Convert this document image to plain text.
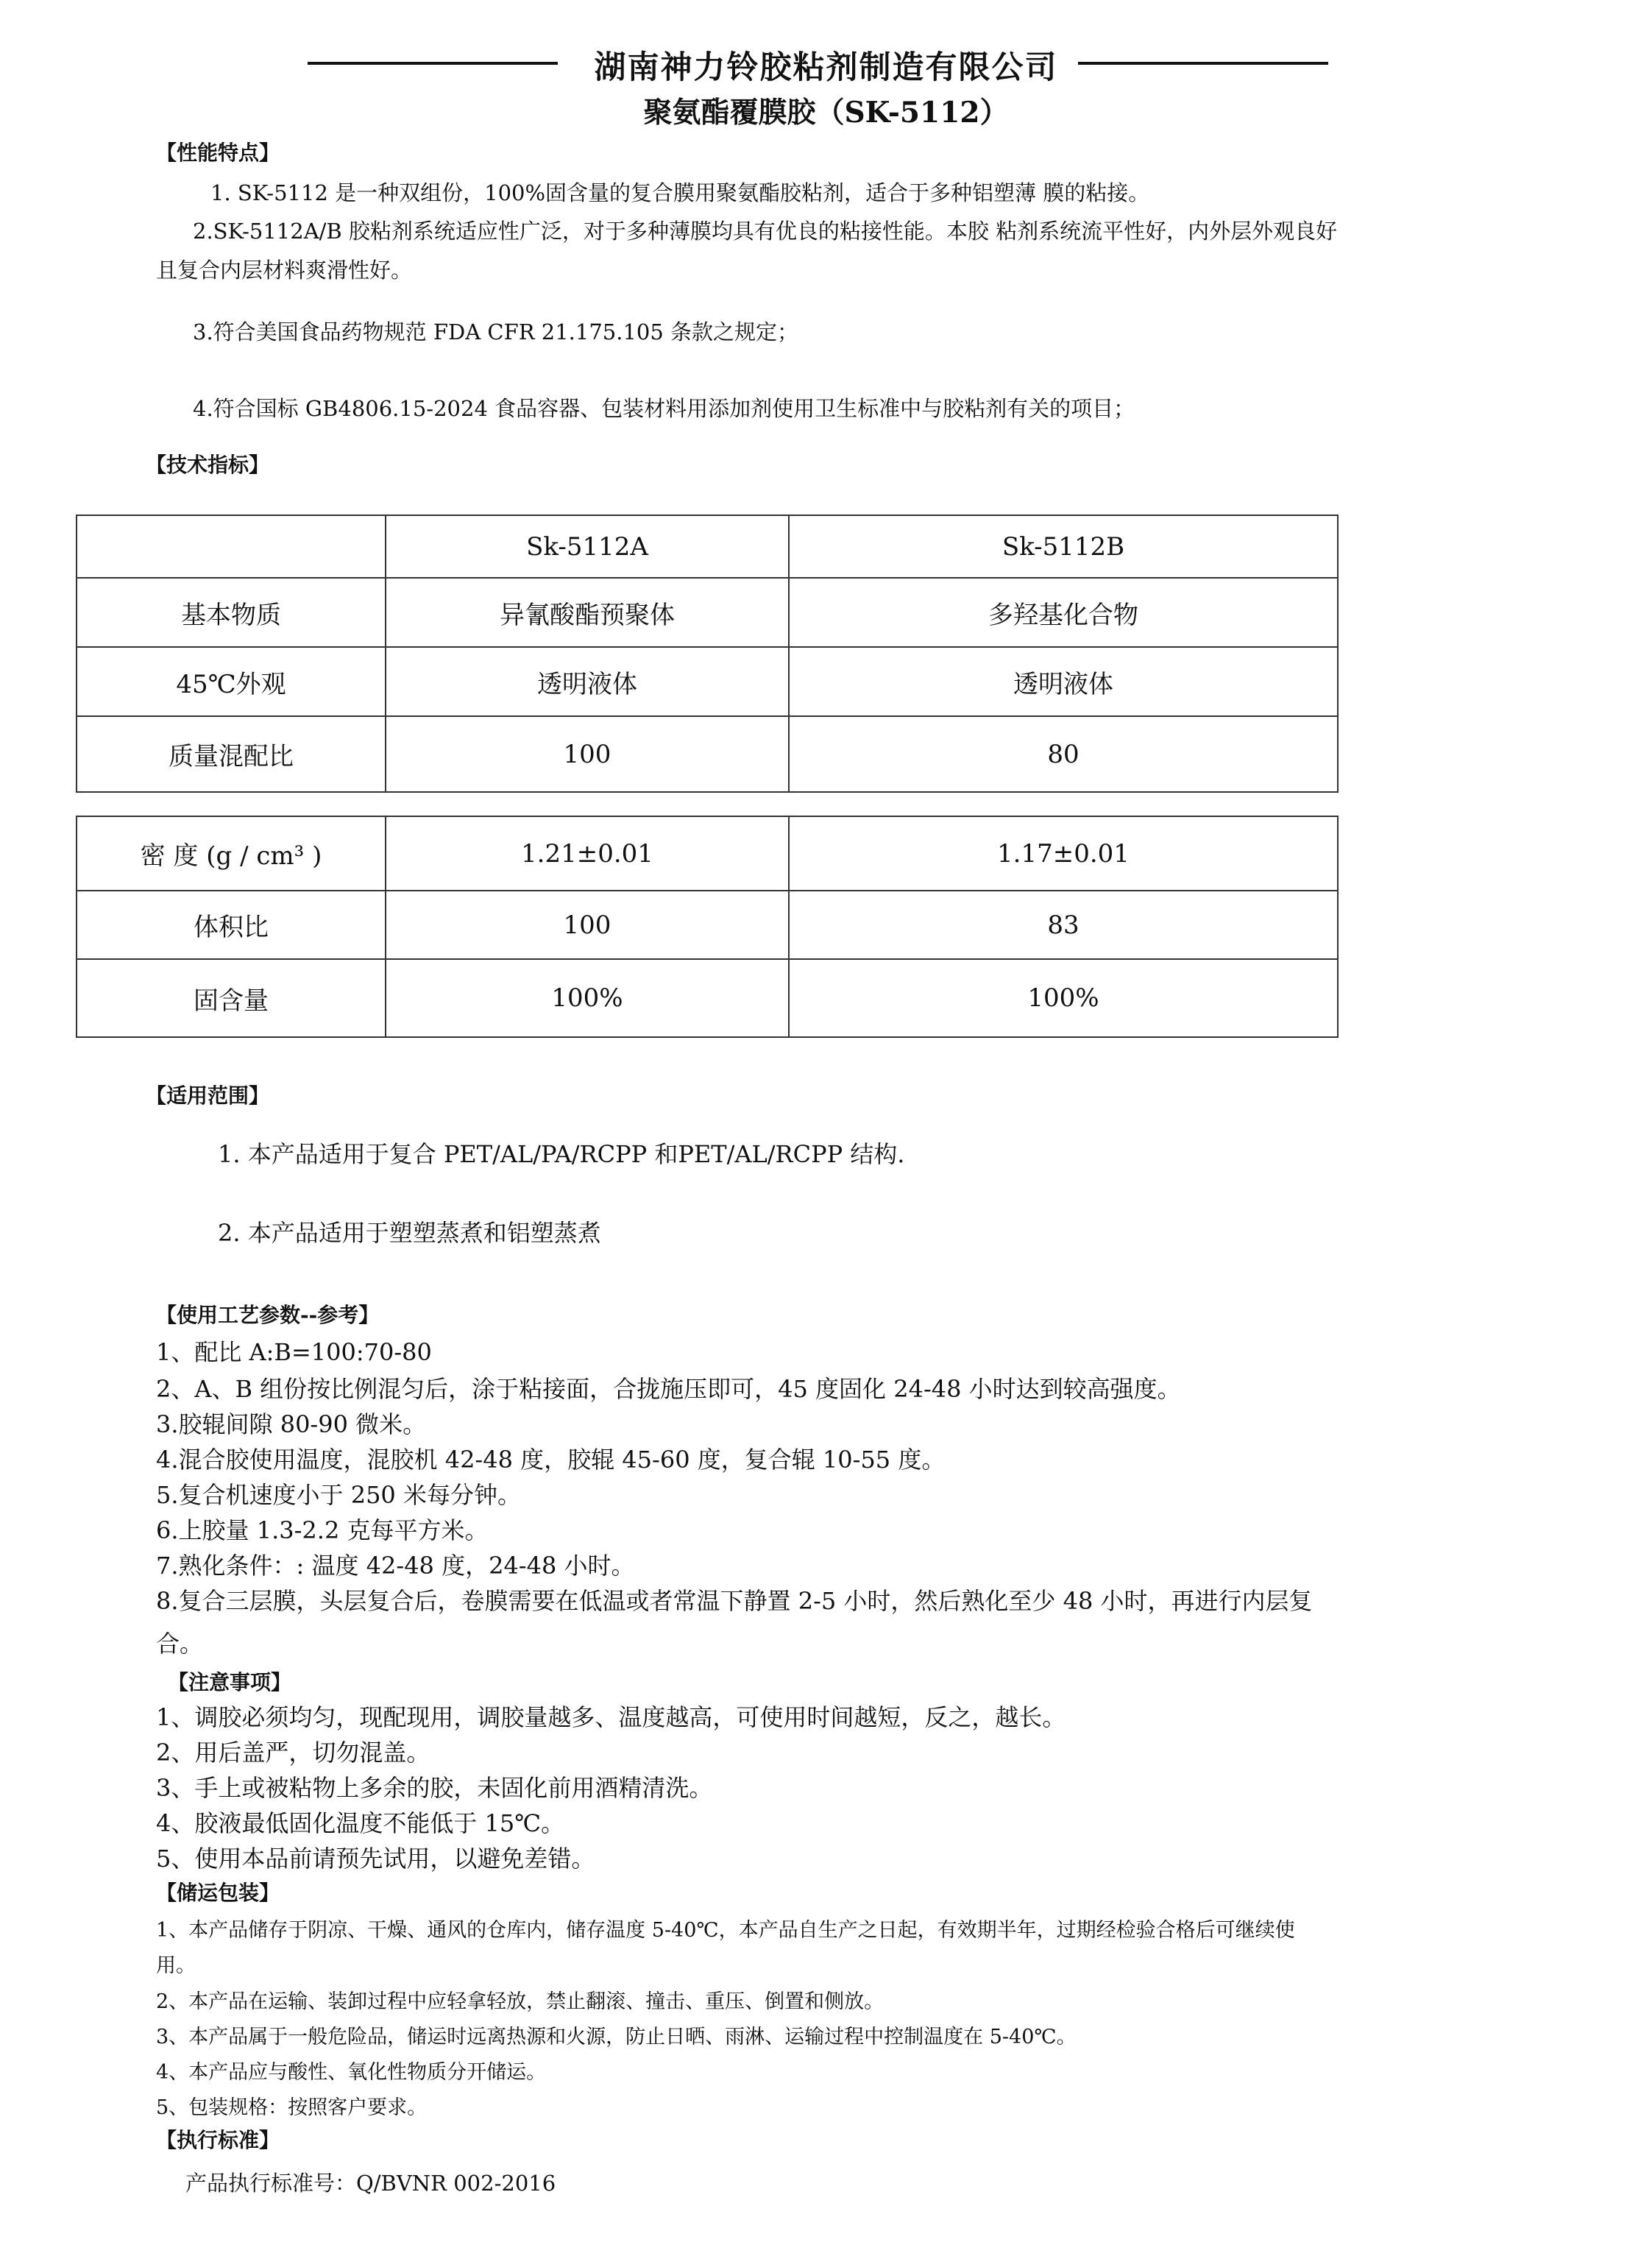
湖南神力铃胶粘剂制造有限公司
聚氨酯覆膜胶（SK-5112）
【性能特点】
1. SK-5112 是一种双组份，100%固含量的复合膜用聚氨酯胶粘剂，适合于多种铝塑薄 膜的粘接。
2.SK-5112A/B 胶粘剂系统适应性广泛，对于多种薄膜均具有优良的粘接性能。本胶 粘剂系统流平性好，内外层外观良好
且复合内层材料爽滑性好。
3.符合美国食品药物规范 FDA CFR 21.175.105 条款之规定；
4.符合国标 GB4806.15-2024 食品容器、包装材料用添加剂使用卫生标准中与胶粘剂有关的项目；
【技术指标】
	Sk-5112A	Sk-5112B
基本物质	异氰酸酯预聚体	多羟基化合物
45℃外观	透明液体	透明液体
质量混配比	100	80
密 度 (g / cm³ )	1.21±0.01	1.17±0.01
体积比	100	83
固含量	100%	100%
【适用范围】
1. 本产品适用于复合 PET/AL/PA/RCPP 和PET/AL/RCPP 结构.
2. 本产品适用于塑塑蒸煮和铝塑蒸煮
【使用工艺参数--参考】
1、配比 A:B=100:70-80
2、A、B 组份按比例混匀后，涂于粘接面，合拢施压即可，45 度固化 24-48 小时达到较高强度。
3.胶辊间隙 80-90 微米。
4.混合胶使用温度，混胶机 42-48 度，胶辊 45-60 度，复合辊 10-55 度。
5.复合机速度小于 250 米每分钟。
6.上胶量 1.3-2.2 克每平方米。
7.熟化条件：: 温度 42-48 度，24-48 小时。
8.复合三层膜，头层复合后，卷膜需要在低温或者常温下静置 2-5 小时，然后熟化至少 48 小时，再进行内层复
合。
【注意事项】
1、调胶必须均匀，现配现用，调胶量越多、温度越高，可使用时间越短，反之，越长。
2、用后盖严，切勿混盖。
3、手上或被粘物上多余的胶，未固化前用酒精清洗。
4、胶液最低固化温度不能低于 15℃。
5、使用本品前请预先试用，以避免差错。
【储运包装】
1、本产品储存于阴凉、干燥、通风的仓库内，储存温度 5-40℃，本产品自生产之日起，有效期半年，过期经检验合格后可继续使
用。
2、本产品在运输、装卸过程中应轻拿轻放，禁止翻滚、撞击、重压、倒置和侧放。
3、本产品属于一般危险品，储运时远离热源和火源，防止日晒、雨淋、运输过程中控制温度在 5-40℃。
4、本产品应与酸性、氧化性物质分开储运。
5、包装规格：按照客户要求。
【执行标准】
产品执行标准号：Q/BVNR 002-2016
